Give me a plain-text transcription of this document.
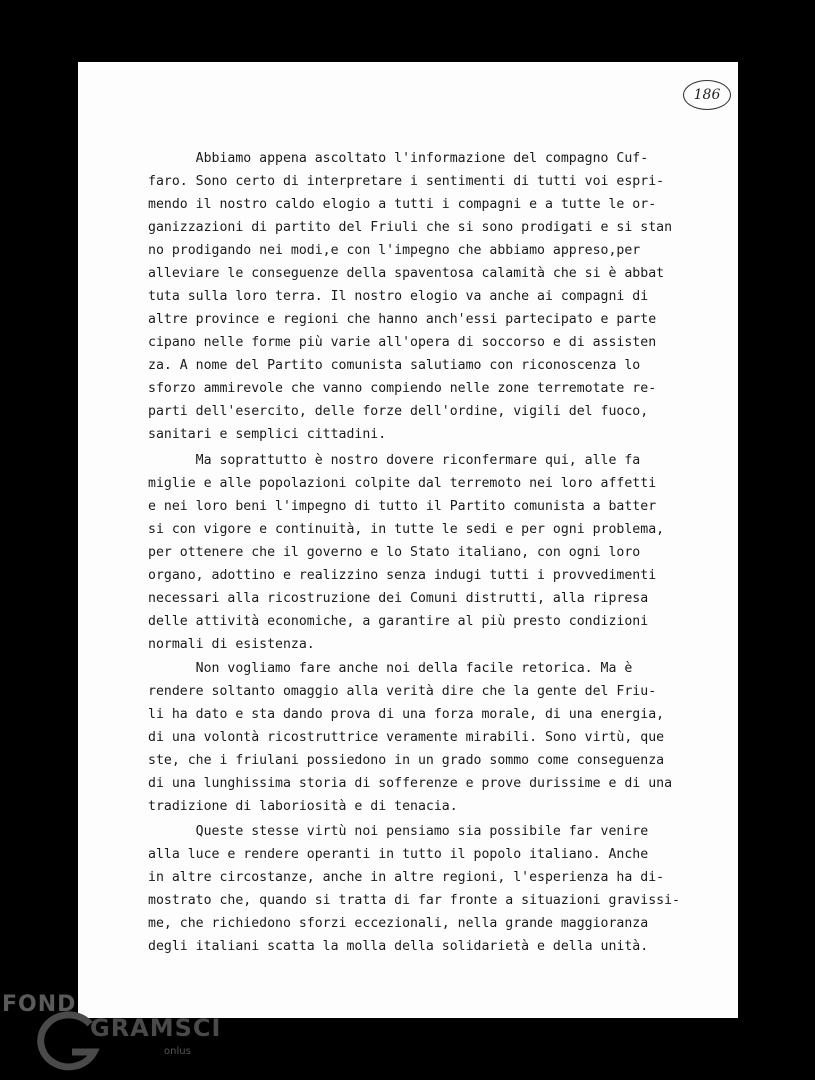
186
Abbiamo appena ascoltato l'informazione del compagno Cuf-
faro. Sono certo di interpretare i sentimenti di tutti voi espri-
mendo il nostro caldo elogio a tutti i compagni e a tutte le or-
ganizzazioni di partito del Friuli che si sono prodigati e si stan
no prodigando nei modi,e con l'impegno che abbiamo appreso,per
alleviare le conseguenze della spaventosa calamità che si è abbat
tuta sulla loro terra. Il nostro elogio va anche ai compagni di
altre province e regioni che hanno anch'essi partecipato e parte
cipano nelle forme più varie all'opera di soccorso e di assisten
za. A nome del Partito comunista salutiamo con riconoscenza lo
sforzo ammirevole che vanno compiendo nelle zone terremotate re-
parti dell'esercito, delle forze dell'ordine, vigili del fuoco,
sanitari e semplici cittadini.
Ma soprattutto è nostro dovere riconfermare qui, alle fa
miglie e alle popolazioni colpite dal terremoto nei loro affetti
e nei loro beni l'impegno di tutto il Partito comunista a batter
si con vigore e continuità, in tutte le sedi e per ogni problema,
per ottenere che il governo e lo Stato italiano, con ogni loro
organo, adottino e realizzino senza indugi tutti i provvedimenti
necessari alla ricostruzione dei Comuni distrutti, alla ripresa
delle attività economiche, a garantire al più presto condizioni
normali di esistenza.
Non vogliamo fare anche noi della facile retorica. Ma è
rendere soltanto omaggio alla verità dire che la gente del Friu-
li ha dato e sta dando prova di una forza morale, di una energia,
di una volontà ricostruttrice veramente mirabili. Sono virtù, que
ste, che i friulani possiedono in un grado sommo come conseguenza
di una lunghissima storia di sofferenze e prove durissime e di una
tradizione di laboriosità e di tenacia.
Queste stesse virtù noi pensiamo sia possibile far venire
alla luce e rendere operanti in tutto il popolo italiano. Anche
in altre circostanze, anche in altre regioni, l'esperienza ha di-
mostrato che, quando si tratta di far fronte a situazioni gravissi-
me, che richiedono sforzi eccezionali, nella grande maggioranza
degli italiani scatta la molla della solidarietà e della unità.
FOND
GRAMSCI
onlus
